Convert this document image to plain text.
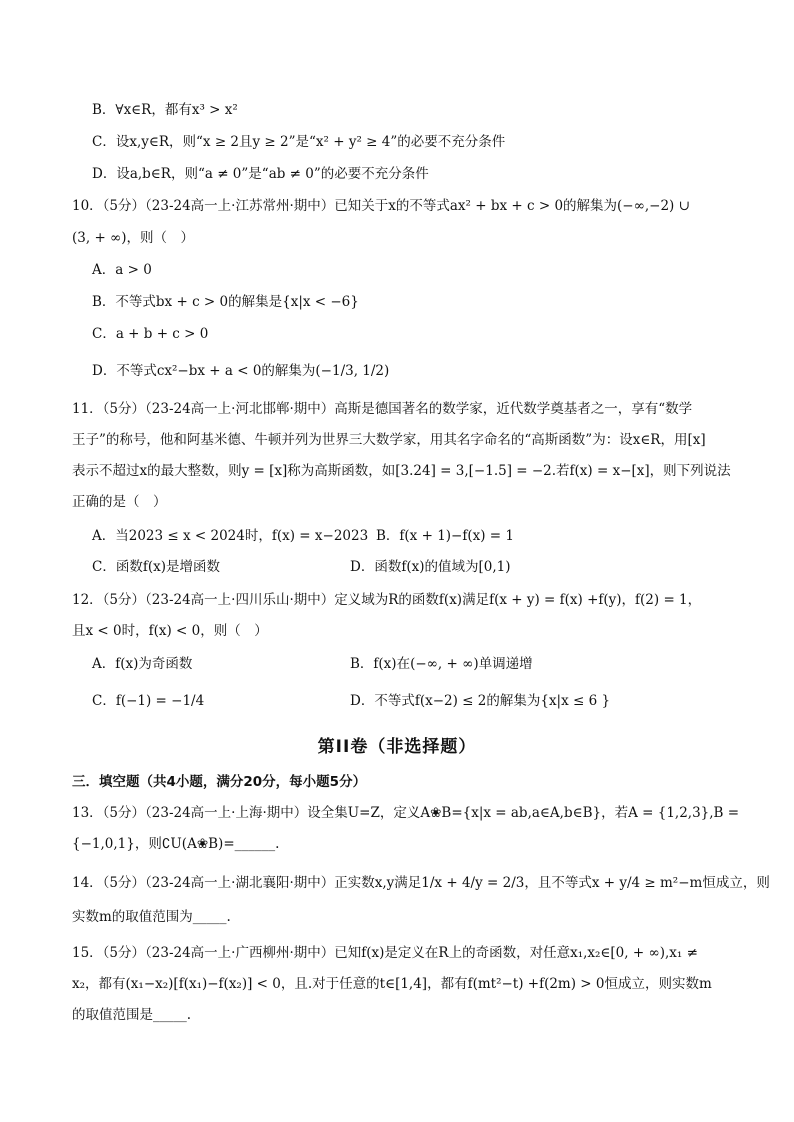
B．∀x∈R，都有x³ > x²
C．设x,y∈R，则“x ≥ 2且y ≥ 2”是“x² + y² ≥ 4”的必要不充分条件
D．设a,b∈R，则“a ≠ 0”是“ab ≠ 0”的必要不充分条件
10．（5分）（23-24高一上·江苏常州·期中）已知关于x的不等式ax² + bx + c > 0的解集为(−∞,−2) ∪
(3, + ∞)，则（　）
A．a > 0
B．不等式bx + c > 0的解集是{x|x < −6}
C．a + b + c > 0
D．不等式cx²−bx + a < 0的解集为(−1/3, 1/2)
11．（5分）（23-24高一上·河北邯郸·期中）高斯是德国著名的数学家，近代数学奠基者之一，享有“数学
王子”的称号，他和阿基米德、牛顿并列为世界三大数学家，用其名字命名的“高斯函数”为：设x∈R，用[x]
表示不超过x的最大整数，则y = [x]称为高斯函数，如[3.24] = 3,[−1.5] = −2.若f(x) = x−[x]，则下列说法
正确的是（　）
A．当2023 ≤ x < 2024时，f(x) = x−2023 B．f(x + 1)−f(x) = 1
C．函数f(x)是增函数	D．函数f(x)的值域为[0,1)
12．（5分）（23-24高一上·四川乐山·期中）定义域为R的函数f(x)满足f(x + y) = f(x) +f(y)，f(2) = 1，
且x < 0时，f(x) < 0，则（　）
A．f(x)为奇函数	B．f(x)在(−∞, + ∞)单调递增
C．f(−1) = −1/4	D．不等式f(x−2) ≤ 2的解集为{x|x ≤ 6 }
第II卷（非选择题）
三．填空题（共4小题，满分20分，每小题5分）
13．（5分）（23-24高一上·上海·期中）设全集U=Z，定义A❀B={x|x = ab,a∈A,b∈B}，若A = {1,2,3},B =
{−1,0,1}，则∁U(A❀B)=______.
14．（5分）（23-24高一上·湖北襄阳·期中）正实数x,y满足1/x + 4/y = 2/3，且不等式x + y/4 ≥ m²−m恒成立，则
实数m的取值范围为_____.
15．（5分）（23-24高一上·广西柳州·期中）已知f(x)是定义在R上的奇函数，对任意x₁,x₂∈[0, + ∞),x₁ ≠
x₂，都有(x₁−x₂)[f(x₁)−f(x₂)] < 0，且.对于任意的t∈[1,4]，都有f(mt²−t) +f(2m) > 0恒成立，则实数m
的取值范围是_____.
